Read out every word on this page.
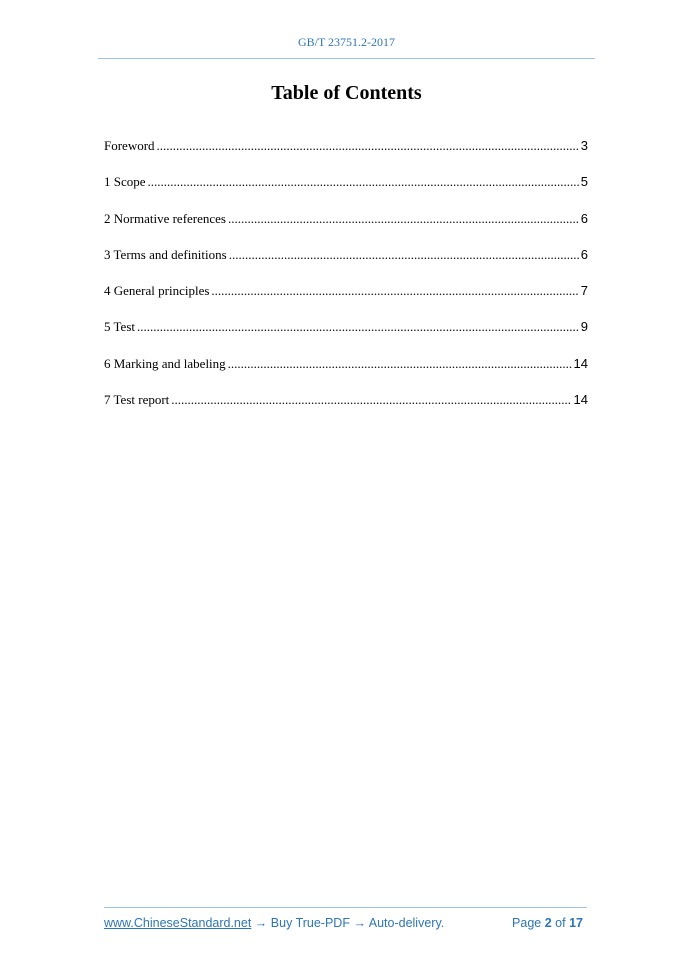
GB/T 23751.2-2017
Table of Contents
Foreword .....	3
1 Scope .....	5
2 Normative references .....	6
3 Terms and definitions .....	6
4 General principles .....	7
5 Test .....	9
6 Marking and labeling .....	14
7 Test report .....	14
www.ChineseStandard.net → Buy True-PDF → Auto-delivery.	Page 2 of 17
